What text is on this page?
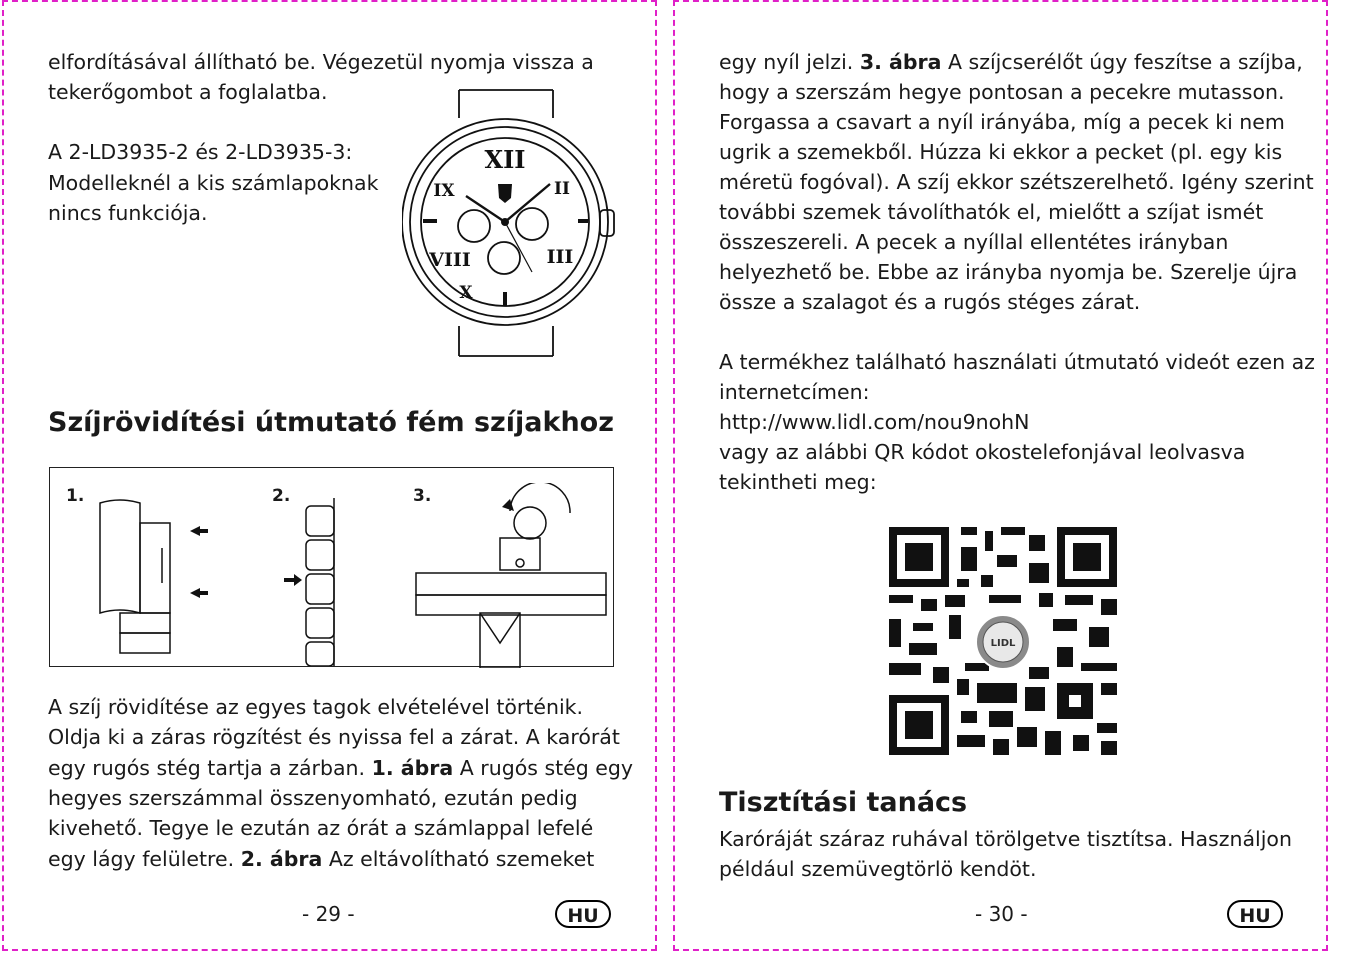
elfordításával állítható be. Végezetül nyomja vissza a

tekerőgombot a foglalatba.

A 2-LD3935-2 és 2-LD3935-3:

Modelleknél a kis számlapoknak

nincs funkciója.

XII
II
III
VIII
IX
X
Szíjrövidítési útmutató fém szíjakhoz
1.	2.	3.

A szíj rövidítése az egyes tagok elvételével történik.

Oldja ki a záras rögzítést és nyissa fel a zárat. A karórát

egy rugós stég tartja a zárban. 1. ábra A rugós stég egy

hegyes szerszámmal összenyomható, ezután pedig

kivehető. Tegye le ezután az órát a számlappal lefelé

egy lágy felületre. 2. ábra Az eltávolítható szemeket

- 29 -	HU

egy nyíl jelzi. 3. ábra A szíjcserélőt úgy feszítse a szíjba,

hogy a szerszám hegye pontosan a pecekre mutasson.

Forgassa a csavart a nyíl irányába, míg a pecek ki nem

ugrik a szemekből. Húzza ki ekkor a pecket (pl. egy kis

méretü fogóval). A szíj ekkor szétszerelhető. Igény szerint

további szemek távolíthatók el, mielőtt a szíjat ismét

összeszereli. A pecek a nyíllal ellentétes irányban

helyezhető be. Ebbe az irányba nyomja be. Szerelje újra

össze a szalagot és a rugós stéges zárat.

A termékhez található használati útmutató videót ezen az

internetcímen:

http://www.lidl.com/nou9nohN

vagy az alábbi QR kódot okostelefonjával leolvasva

tekintheti meg:

LIDL
Tisztítási tanács

Karóráját száraz ruhával törölgetve tisztítsa. Használjon

például szemüvegtörlö kendöt.

- 30 -	HU
